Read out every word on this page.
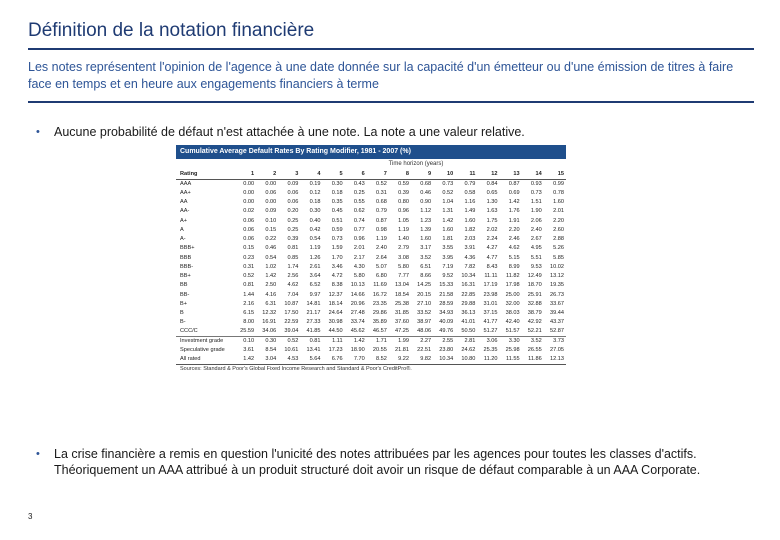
Définition de la notation financière
Les notes représentent l'opinion de l'agence à une date donnée sur la capacité d'un émetteur ou d'une émission de titres à faire face en temps et en heure aux engagements financiers à terme
• Aucune probabilité de défaut n'est attachée à une note. La note a une valeur relative.
Cumulative Average Default Rates By Rating Modifier, 1981 - 2007 (%)
Time horizon (years)
Rating	1	2	3	4	5	6	7	8	9	10	11	12	13	14	15
AAA	0.00	0.00	0.09	0.19	0.30	0.43	0.52	0.59	0.68	0.73	0.79	0.84	0.87	0.93	0.99
AA+	0.00	0.06	0.06	0.12	0.18	0.25	0.31	0.39	0.46	0.52	0.58	0.65	0.69	0.73	0.78
AA	0.00	0.00	0.06	0.18	0.35	0.55	0.68	0.80	0.90	1.04	1.16	1.30	1.42	1.51	1.60
AA-	0.02	0.09	0.20	0.30	0.45	0.62	0.79	0.96	1.12	1.31	1.49	1.63	1.76	1.90	2.01
A+	0.06	0.10	0.25	0.40	0.51	0.74	0.87	1.05	1.23	1.42	1.60	1.75	1.91	2.06	2.20
A	0.06	0.15	0.25	0.42	0.59	0.77	0.98	1.19	1.39	1.60	1.82	2.02	2.20	2.40	2.60
A-	0.06	0.22	0.39	0.54	0.73	0.96	1.19	1.40	1.60	1.81	2.03	2.24	2.46	2.67	2.88
BBB+	0.15	0.46	0.81	1.19	1.59	2.01	2.40	2.79	3.17	3.55	3.91	4.27	4.62	4.95	5.26
BBB	0.23	0.54	0.85	1.26	1.70	2.17	2.64	3.08	3.52	3.95	4.36	4.77	5.15	5.51	5.85
BBB-	0.31	1.02	1.74	2.61	3.46	4.30	5.07	5.80	6.51	7.19	7.82	8.43	8.99	9.53	10.02
BB+	0.52	1.42	2.56	3.64	4.72	5.80	6.80	7.77	8.66	9.52	10.34	11.11	11.82	12.49	13.12
BB	0.81	2.50	4.62	6.52	8.38	10.13	11.69	13.04	14.25	15.33	16.31	17.19	17.98	18.70	19.35
BB-	1.44	4.16	7.04	9.97	12.37	14.66	16.72	18.54	20.15	21.58	22.85	23.98	25.00	25.91	26.73
B+	2.16	6.31	10.87	14.81	18.14	20.96	23.35	25.38	27.10	28.59	29.88	31.01	32.00	32.88	33.67
B	6.15	12.32	17.50	21.17	24.64	27.48	29.86	31.85	33.52	34.93	36.13	37.15	38.03	38.79	39.44
B-	8.00	16.91	22.59	27.33	30.98	33.74	35.89	37.60	38.97	40.09	41.01	41.77	42.40	42.92	43.37
CCC/C	25.59	34.06	39.04	41.85	44.50	45.62	46.57	47.25	48.06	49.76	50.50	51.27	51.57	52.21	52.87
Investment grade	0.10	0.30	0.52	0.81	1.11	1.42	1.71	1.99	2.27	2.55	2.81	3.06	3.30	3.52	3.73
Speculative grade	3.61	8.54	10.61	13.41	17.23	18.90	20.55	21.81	22.51	23.80	24.62	25.35	25.98	26.55	27.05
All rated	1.42	3.04	4.53	5.64	6.76	7.70	8.52	9.22	9.82	10.34	10.80	11.20	11.55	11.86	12.13
Sources: Standard & Poor's Global Fixed Income Research and Standard & Poor's CreditPro®.
• La crise financière a remis en question l'unicité des notes attribuées par les agences pour toutes les classes d'actifs. Théoriquement un AAA attribué à un produit structuré doit avoir un risque de défaut comparable à un AAA Corporate.
3
